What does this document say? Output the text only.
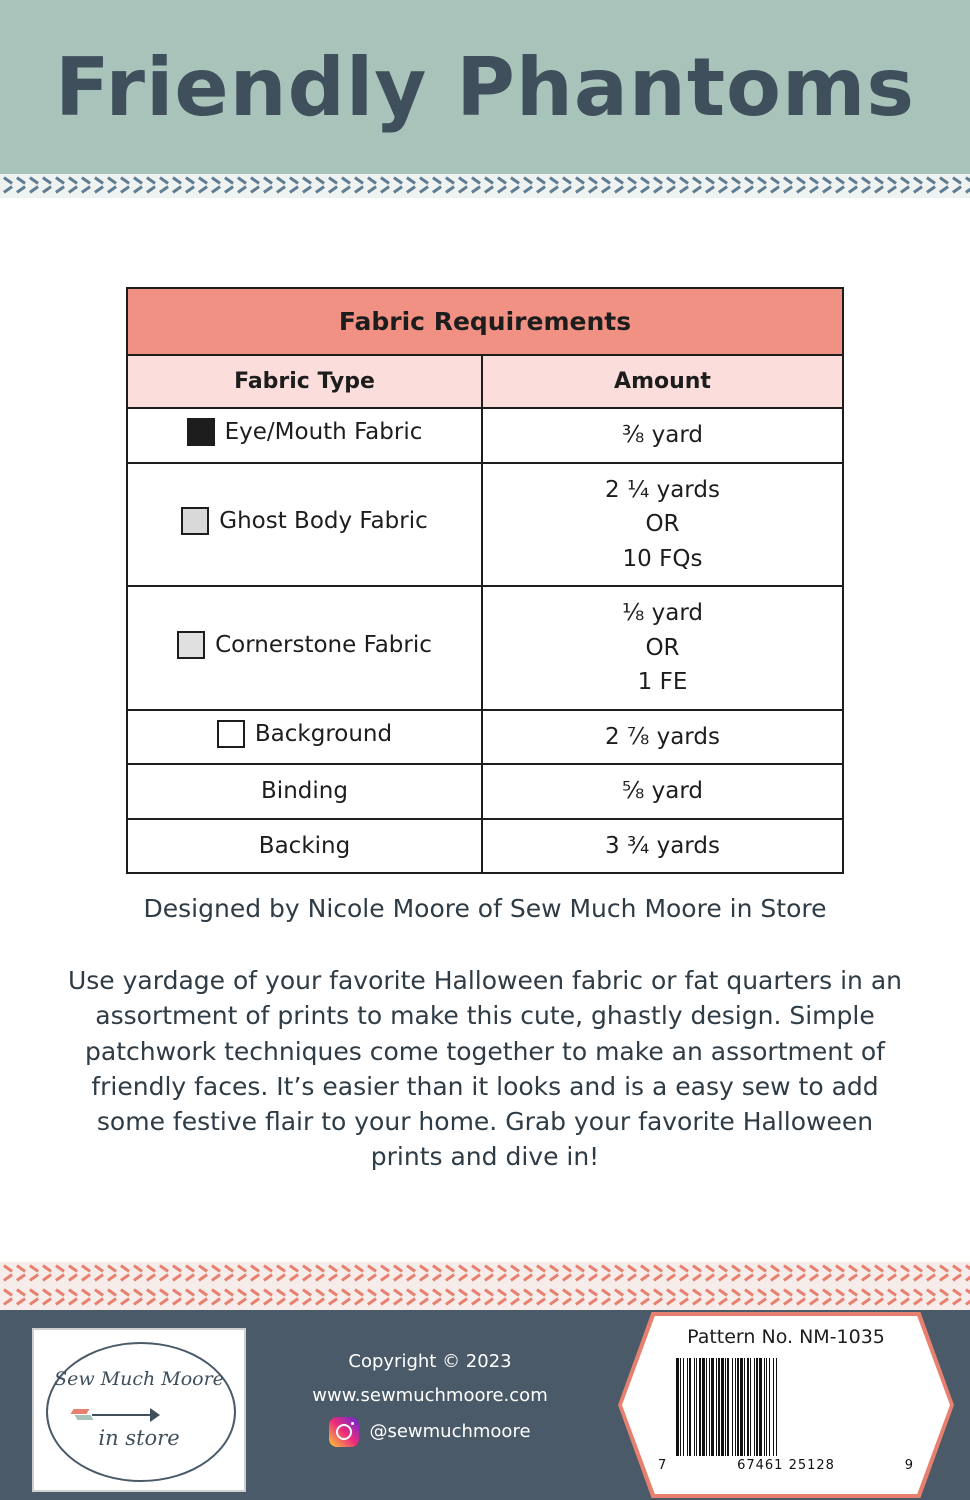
Friendly Phantoms
Fabric Requirements	
Fabric Type	Amount

Eye/Mouth Fabric	⅜ yard

Ghost Body Fabric	2 ¼ yards
OR
10 FQs

Cornerstone Fabric	⅛ yard
OR
1 FE

Background	2 ⅞ yards

Binding	⅝ yard

Backing	3 ¾ yards
Designed by Nicole Moore of Sew Much Moore in Store
Use yardage of your favorite Halloween fabric or fat quarters in an assortment of prints to make this cute, ghastly design. Simple patchwork techniques come together to make an assortment of friendly faces. It’s easier than it looks and is a easy sew to add some festive flair to your home. Grab your favorite Halloween prints and dive in!
Sew Much Moore
in store
Copyright © 2023
www.sewmuchmoore.com
@sewmuchmoore
Pattern No. NM-1035
7	67461 25128	9
